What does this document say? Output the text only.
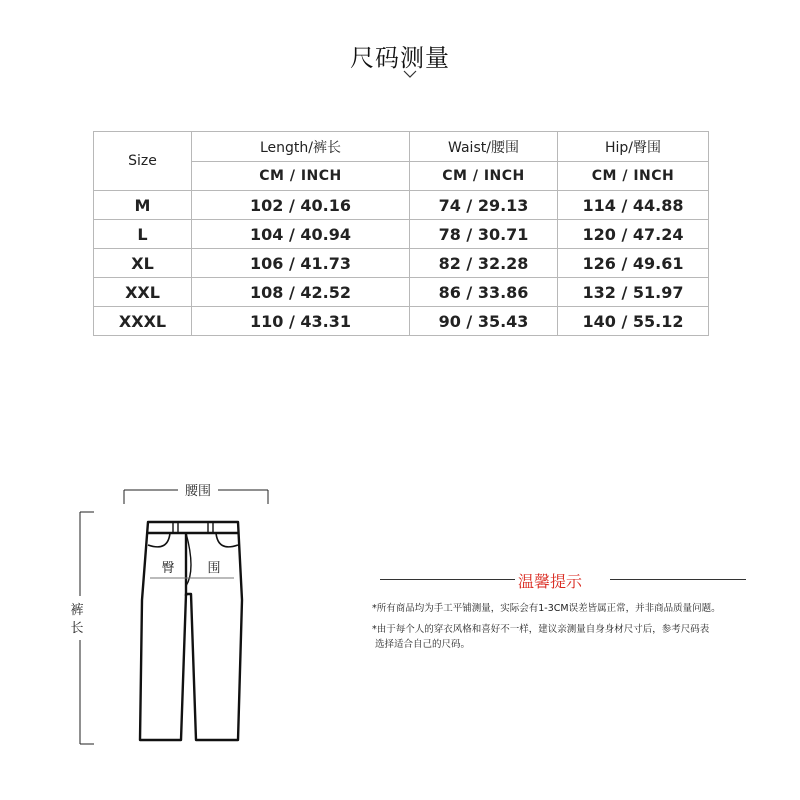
尺码测量
Size	Length/裤长	Waist/腰围	Hip/臀围
	CM / INCH	CM / INCH	CM / INCH
M	102 / 40.16	74 / 29.13	114 / 44.88
L	104 / 40.94	78 / 30.71	120 / 47.24
XL	106 / 41.73	82 / 32.28	126 / 49.61
XXL	108 / 42.52	86 / 33.86	132 / 51.97
XXXL	110 / 43.31	90 / 35.43	140 / 55.12
腰围
裤
长
臀	围
温馨提示
*所有商品均为手工平铺测量，实际会有1-3CM误差皆属正常，并非商品质量问题。
*由于每个人的穿衣风格和喜好不一样，建议亲测量自身身材尺寸后，参考尺码表
选择适合自己的尺码。
